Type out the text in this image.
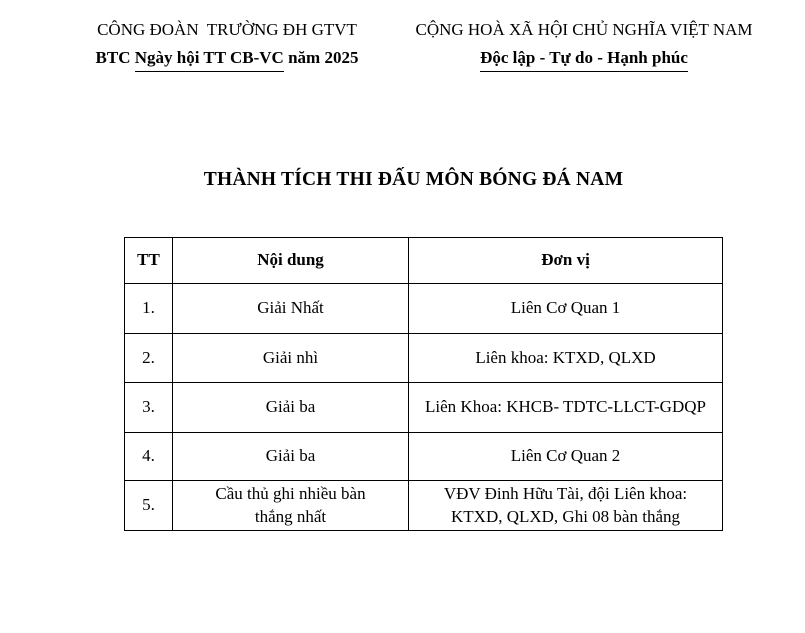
CÔNG ĐOÀN  TRƯỜNG ĐH GTVT
BTC Ngày hội TT CB-VC năm 2025
CỘNG HOÀ XÃ HỘI CHỦ NGHĨA VIỆT NAM
Độc lập - Tự do - Hạnh phúc
THÀNH TÍCH THI ĐẤU MÔN BÓNG ĐÁ NAM
TT	Nội dung	Đơn vị
1.	Giải Nhất	Liên Cơ Quan 1
2.	Giải nhì	Liên khoa: KTXD, QLXD
3.	Giải ba	Liên Khoa: KHCB- TDTC-LLCT-GDQP
4.	Giải ba	Liên Cơ Quan 2
5.	Cầu thủ ghi nhiều bàn thắng nhất	VĐV Đinh Hữu Tài, đội Liên khoa: KTXD, QLXD, Ghi 08 bàn thắng
